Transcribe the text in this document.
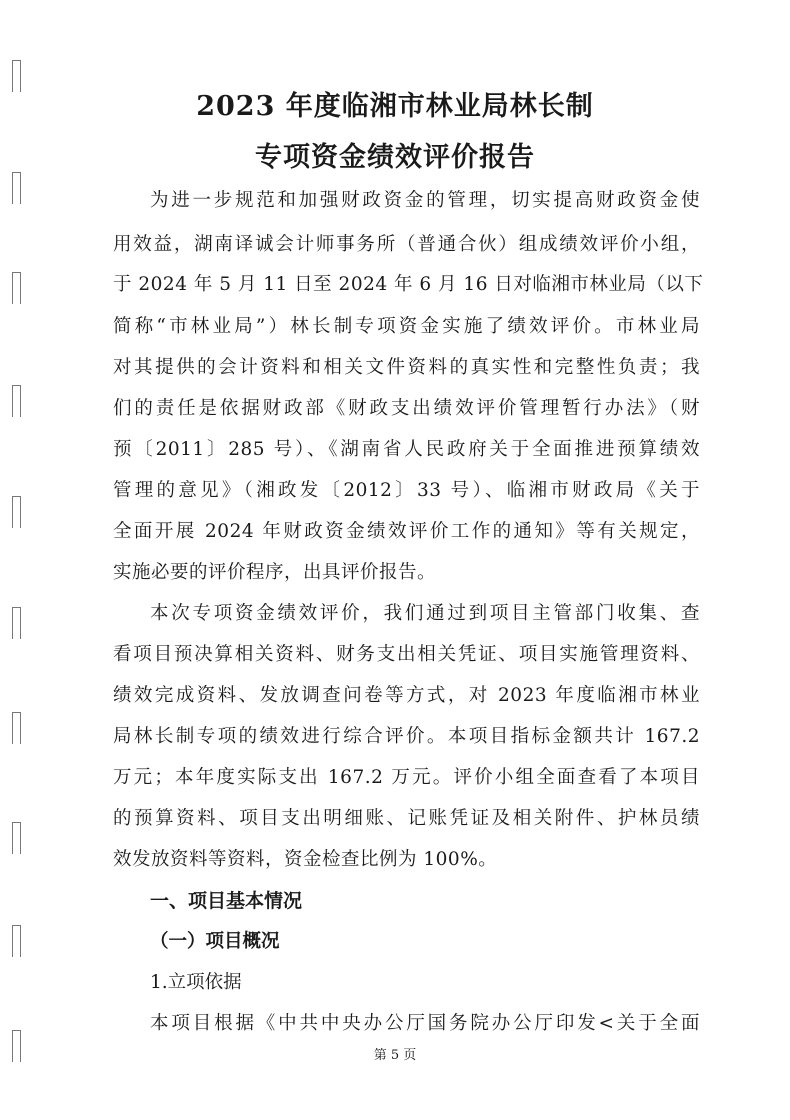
2023 年度临湘市林业局林长制
专项资金绩效评价报告
为进一步规范和加强财政资金的管理，切实提高财政资金使
用效益，湖南译诚会计师事务所（普通合伙）组成绩效评价小组，
于 2024 年 5 月 11 日至 2024 年 6 月 16 日对临湘市林业局（以下
简称“市林业局”）林长制专项资金实施了绩效评价。市林业局
对其提供的会计资料和相关文件资料的真实性和完整性负责；我
们的责任是依据财政部《财政支出绩效评价管理暂行办法》（财
预〔2011〕285 号）、《湖南省人民政府关于全面推进预算绩效
管理的意见》（湘政发〔2012〕33 号）、临湘市财政局《关于
全面开展 2024 年财政资金绩效评价工作的通知》等有关规定，
实施必要的评价程序，出具评价报告。
本次专项资金绩效评价，我们通过到项目主管部门收集、查
看项目预决算相关资料、财务支出相关凭证、项目实施管理资料、
绩效完成资料、发放调查问卷等方式，对 2023 年度临湘市林业
局林长制专项的绩效进行综合评价。本项目指标金额共计 167.2
万元；本年度实际支出 167.2 万元。评价小组全面查看了本项目
的预算资料、项目支出明细账、记账凭证及相关附件、护林员绩
效发放资料等资料，资金检查比例为 100%。
一、项目基本情况
（一）项目概况
1.立项依据
本项目根据《中共中央办公厅国务院办公厅印发<关于全面
第 5 页
